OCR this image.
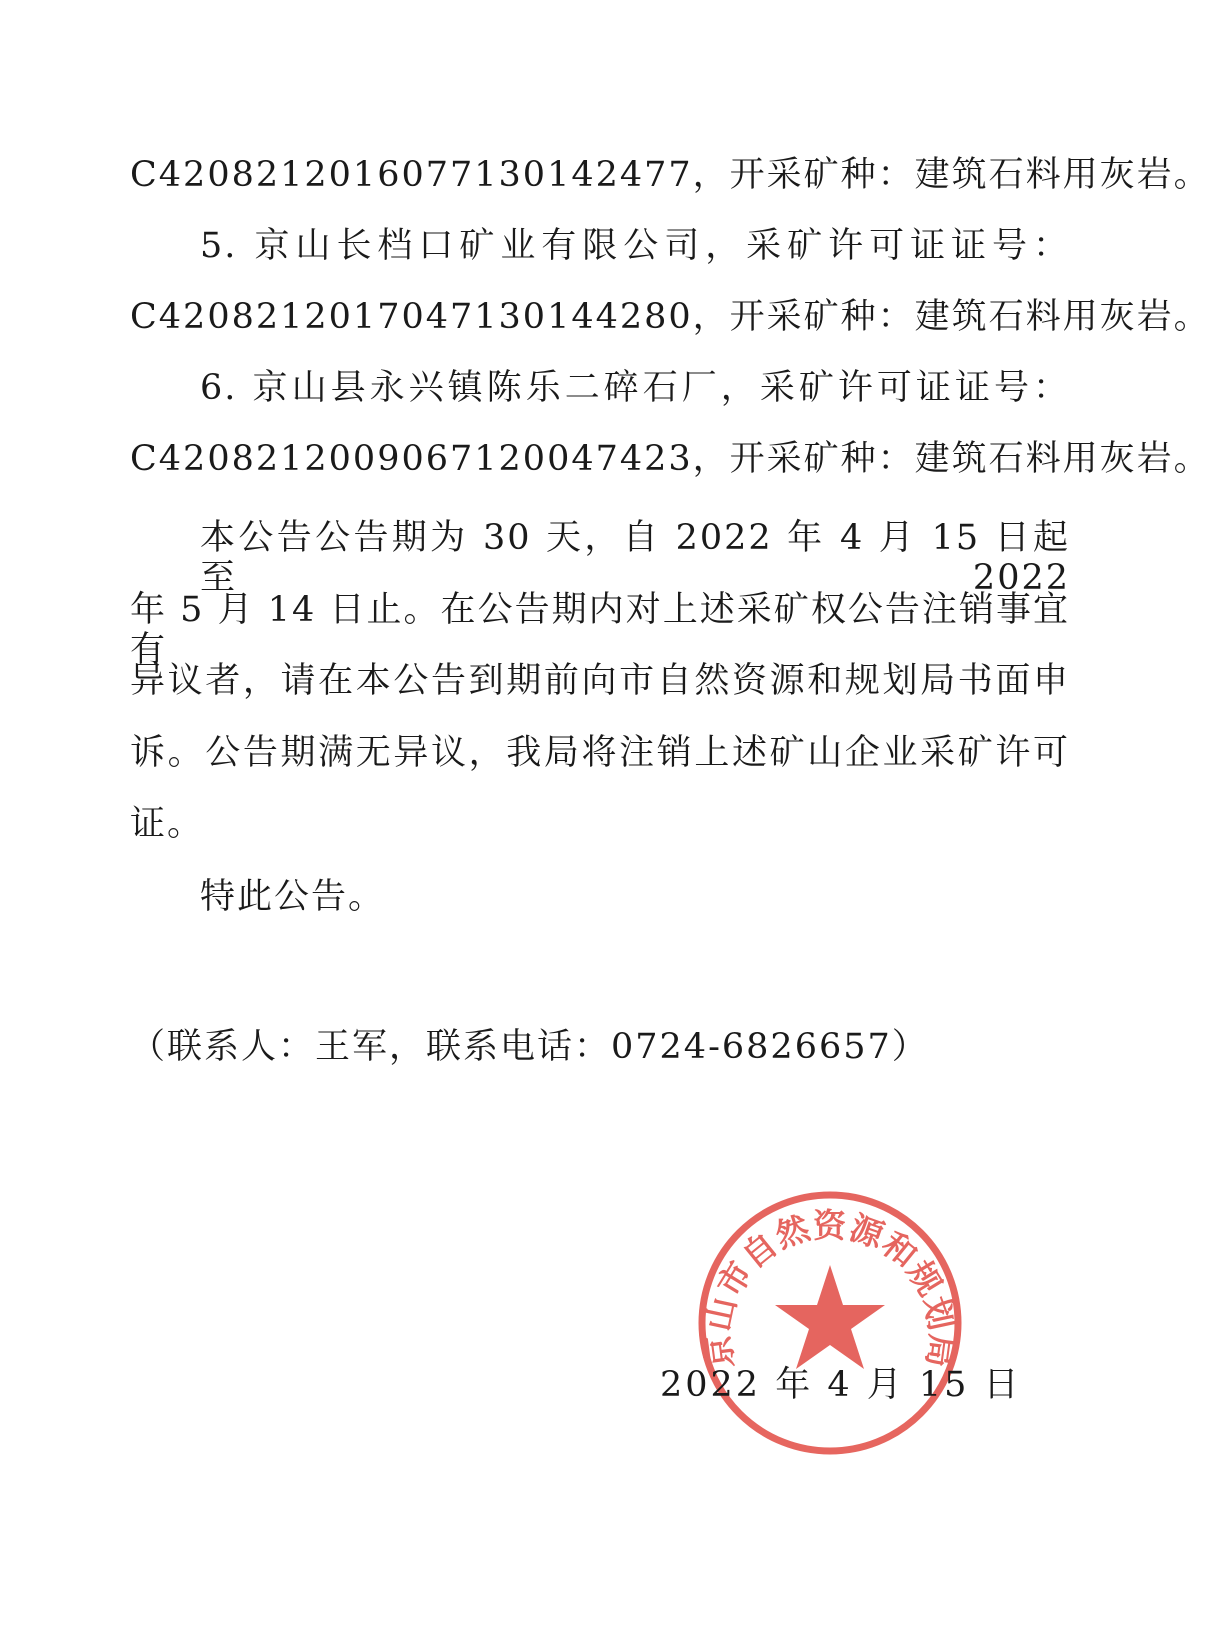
C4208212016077130142477，开采矿种：建筑石料用灰岩。
5. 京山长档口矿业有限公司，采矿许可证证号：
C4208212017047130144280，开采矿种：建筑石料用灰岩。
6. 京山县永兴镇陈乐二碎石厂，采矿许可证证号：
C4208212009067120047423，开采矿种：建筑石料用灰岩。
本公告公告期为 30 天，自 2022 年 4 月 15 日起至 2022
年 5 月 14 日止。在公告期内对上述采矿权公告注销事宜有
异议者，请在本公告到期前向市自然资源和规划局书面申
诉。公告期满无异议，我局将注销上述矿山企业采矿许可
证。
特此公告。
（联系人：王军，联系电话：0724-6826657）
京山市自然资源和规划局
2022 年 4 月 15 日
